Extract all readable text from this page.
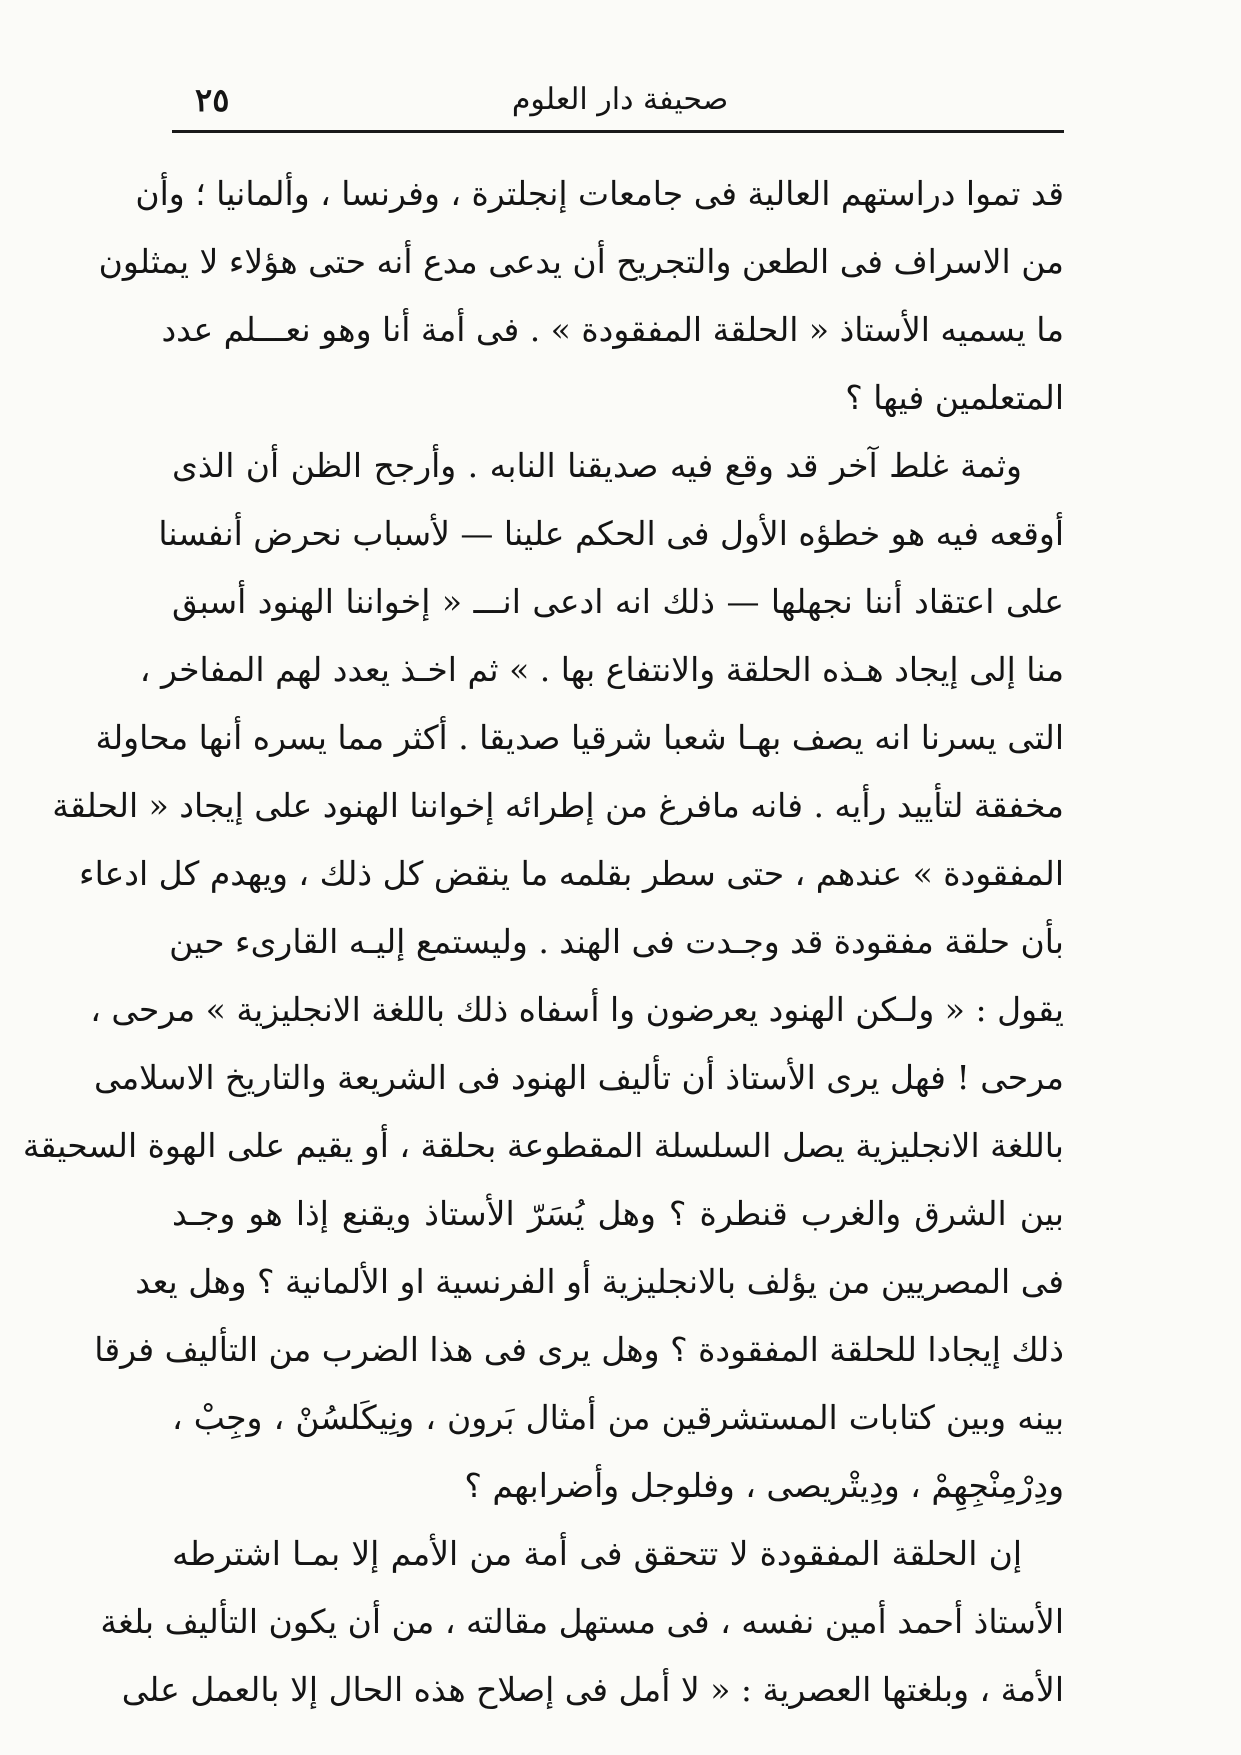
صحيفة دار العلوم
٢٥
قد تموا دراستهم العالية فى جامعات إنجلترة ، وفرنسا ، وألمانيا ؛ وأن
من الاسراف فى الطعن والتجريح أن يدعى مدع أنه حتى هؤلاء لا يمثلون
ما يسميه الأستاذ « الحلقة المفقودة » . فى أمة أنا وهو نعـــلم عدد
المتعلمين فيها ؟
وثمة غلط آخر قد وقع فيه صديقنا النابه . وأرجح الظن أن الذى
أوقعه فيه هو خطؤه الأول فى الحكم علينا — لأسباب نحرض أنفسنا
على اعتقاد أننا نجهلها — ذلك انه ادعى انـــ « إخواننا الهنود أسبق
منا إلى إيجاد هـذه الحلقة والانتفاع بها . » ثم اخـذ يعدد لهم المفاخر ،
التى يسرنا انه يصف بهـا شعبا شرقيا صديقا . أكثر مما يسره أنها محاولة
مخفقة لتأييد رأيه . فانه مافرغ من إطرائه إخواننا الهنود على إيجاد « الحلقة
المفقودة » عندهم ، حتى سطر بقلمه ما ينقض كل ذلك ، ويهدم كل ادعاء
بأن حلقة مفقودة قد وجـدت فى الهند . وليستمع إليـه القارىء حين
يقول : « ولـكن الهنود يعرضون وا أسفاه ذلك باللغة الانجليزية » مرحى ،
مرحى ! فهل يرى الأستاذ أن تأليف الهنود فى الشريعة والتاريخ الاسلامى
باللغة الانجليزية يصل السلسلة المقطوعة بحلقة ، أو يقيم على الهوة السحيقة
بين الشرق والغرب قنطرة ؟ وهل يُسَرّ الأستاذ ويقنع إذا هو وجـد
فى المصريين من يؤلف بالانجليزية أو الفرنسية او الألمانية ؟ وهل يعد
ذلك إيجادا للحلقة المفقودة ؟ وهل يرى فى هذا الضرب من التأليف فرقا
بينه وبين كتابات المستشرقين من أمثال بَرون ، ونِيكَلسُنْ ، وجِبْ ،
ودِرْمِنْجِهِمْ ، ودِيتْريصى ، وفلوجل وأضرابهم ؟
إن الحلقة المفقودة لا تتحقق فى أمة من الأمم إلا بمـا اشترطه
الأستاذ أحمد أمين نفسه ، فى مستهل مقالته ، من أن يكون التأليف بلغة
الأمة ، وبلغتها العصرية : « لا أمل فى إصلاح هذه الحال إلا بالعمل على
